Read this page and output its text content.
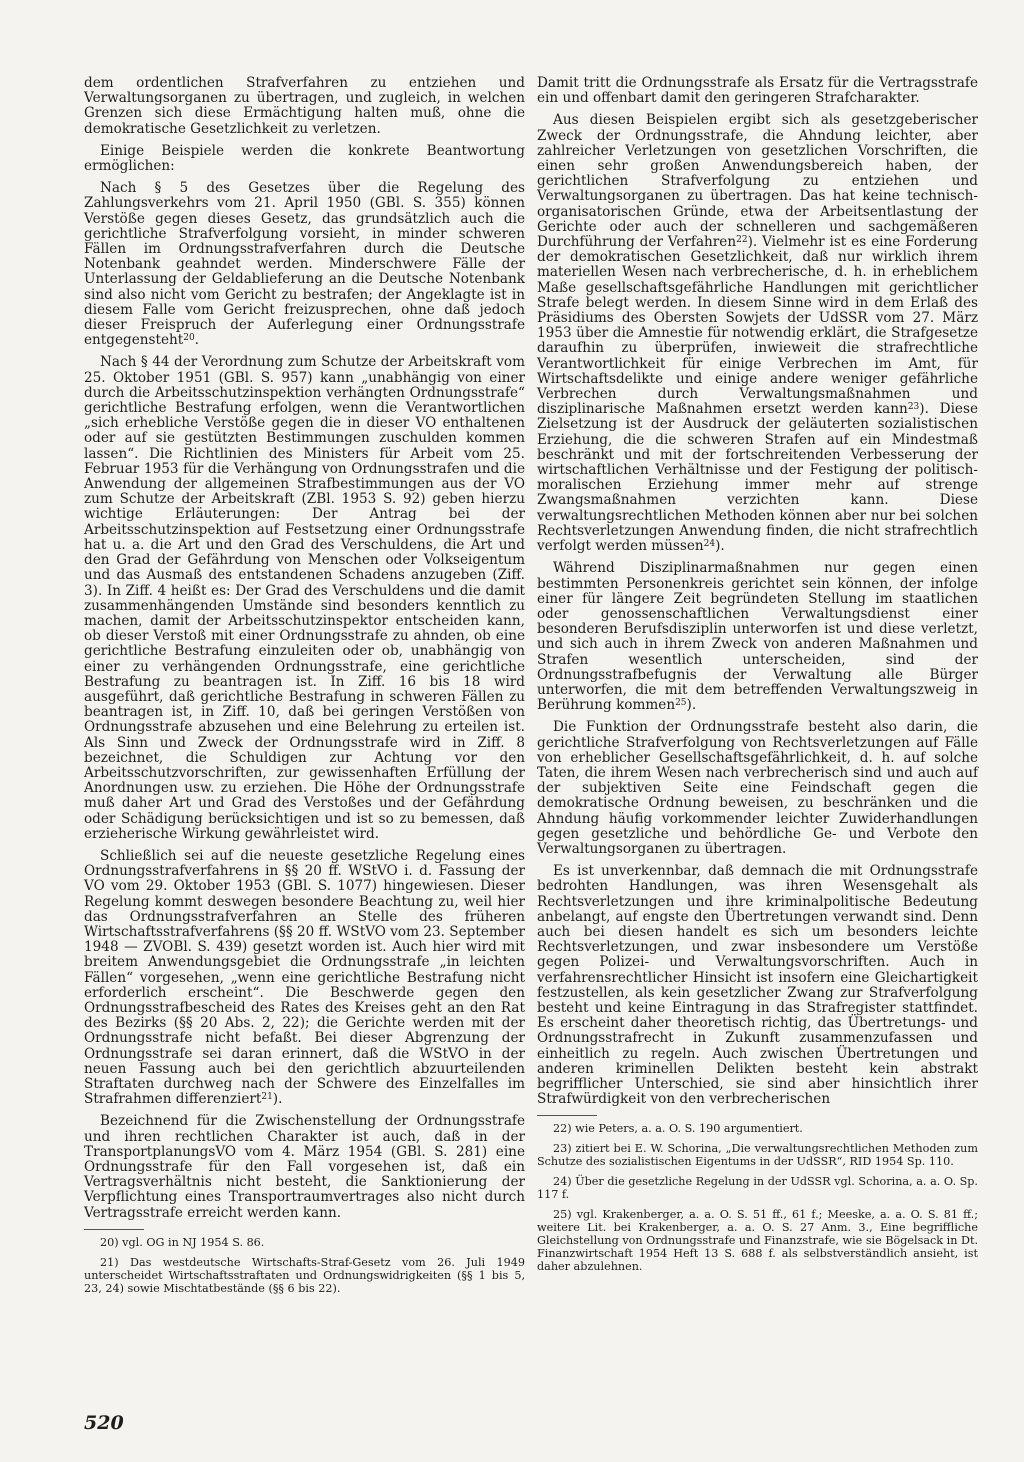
dem ordentlichen Strafverfahren zu entziehen und Verwaltungsorganen zu übertragen, und zugleich, in welchen Grenzen sich diese Ermächtigung halten muß, ohne die demokratische Gesetzlichkeit zu verletzen.

Einige Beispiele werden die konkrete Beantwortung ermöglichen:

Nach § 5 des Gesetzes über die Regelung des Zahlungsverkehrs vom 21. April 1950 (GBl. S. 355) können Verstöße gegen dieses Gesetz, das grundsätzlich auch die gerichtliche Strafverfolgung vorsieht, in minder schweren Fällen im Ordnungsstrafverfahren durch die Deutsche Notenbank geahndet werden. Minderschwere Fälle der Unterlassung der Geldablieferung an die Deutsche Notenbank sind also nicht vom Gericht zu bestrafen; der Angeklagte ist in diesem Falle vom Gericht freizusprechen, ohne daß jedoch dieser Freispruch der Auferlegung einer Ordnungsstrafe entgegensteht$^{20}$.

Nach § 44 der Verordnung zum Schutze der Arbeitskraft vom 25. Oktober 1951 (GBl. S. 957) kann „unabhängig von einer durch die Arbeitsschutzinspektion verhängten Ordnungsstrafe“ gerichtliche Bestrafung erfolgen, wenn die Verantwortlichen „sich erhebliche Verstöße gegen die in dieser VO enthaltenen oder auf sie gestützten Bestimmungen zuschulden kommen lassen“. Die Richtlinien des Ministers für Arbeit vom 25. Februar 1953 für die Verhängung von Ordnungsstrafen und die Anwendung der allgemeinen Strafbestimmungen aus der VO zum Schutze der Arbeitskraft (ZBl. 1953 S. 92) geben hierzu wichtige Erläuterungen: Der Antrag bei der Arbeitsschutzinspektion auf Festsetzung einer Ordnungsstrafe hat u. a. die Art und den Grad des Verschuldens, die Art und den Grad der Gefährdung von Menschen oder Volkseigentum und das Ausmaß des entstandenen Schadens anzugeben (Ziff. 3). In Ziff. 4 heißt es: Der Grad des Verschuldens und die damit zusammenhängenden Umstände sind besonders kenntlich zu machen, damit der Arbeitsschutzinspektor entscheiden kann, ob dieser Verstoß mit einer Ordnungsstrafe zu ahnden, ob eine gerichtliche Bestrafung einzuleiten oder ob, unabhängig von einer zu verhängenden Ordnungsstrafe, eine gerichtliche Bestrafung zu beantragen ist. In Ziff. 16 bis 18 wird ausgeführt, daß gerichtliche Bestrafung in schweren Fällen zu beantragen ist, in Ziff. 10, daß bei geringen Verstößen von Ordnungsstrafe abzusehen und eine Belehrung zu erteilen ist. Als Sinn und Zweck der Ordnungsstrafe wird in Ziff. 8 bezeichnet, die Schuldigen zur Achtung vor den Arbeitsschutzvorschriften, zur gewissenhaften Erfüllung der Anordnungen usw. zu erziehen. Die Höhe der Ordnungsstrafe muß daher Art und Grad des Verstoßes und der Gefährdung oder Schädigung berücksichtigen und ist so zu bemessen, daß erzieherische Wirkung gewährleistet wird.

Schließlich sei auf die neueste gesetzliche Regelung eines Ordnungsstrafverfahrens in §§ 20 ff. WStVO i. d. Fassung der VO vom 29. Oktober 1953 (GBl. S. 1077) hingewiesen. Dieser Regelung kommt deswegen besondere Beachtung zu, weil hier das Ordnungsstrafverfahren an Stelle des früheren Wirtschaftsstrafverfahrens (§§ 20 ff. WStVO vom 23. September 1948 — ZVOBl. S. 439) gesetzt worden ist. Auch hier wird mit breitem Anwendungsgebiet die Ordnungsstrafe „in leichten Fällen“ vorgesehen, „wenn eine gerichtliche Bestrafung nicht erforderlich erscheint“. Die Beschwerde gegen den Ordnungsstrafbescheid des Rates des Kreises geht an den Rat des Bezirks (§§ 20 Abs. 2, 22); die Gerichte werden mit der Ordnungsstrafe nicht befaßt. Bei dieser Abgrenzung der Ordnungsstrafe sei daran erinnert, daß die WStVO in der neuen Fassung auch bei den gerichtlich abzuurteilenden Straftaten durchweg nach der Schwere des Einzelfalles im Strafrahmen differenziert$^{21}$).

Bezeichnend für die Zwischenstellung der Ordnungsstrafe und ihren rechtlichen Charakter ist auch, daß in der TransportplanungsVO vom 4. März 1954 (GBl. S. 281) eine Ordnungsstrafe für den Fall vorgesehen ist, daß ein Vertragsverhältnis nicht besteht, die Sanktionierung der Verpflichtung eines Transportraumvertrages also nicht durch Vertragsstrafe erreicht werden kann.

20) vgl. OG in NJ 1954 S. 86.

21) Das westdeutsche Wirtschafts-Straf-Gesetz vom 26. Juli 1949 unterscheidet Wirtschaftsstraftaten und Ordnungswidrigkeiten (§§ 1 bis 5, 23, 24) sowie Mischtatbestände (§§ 6 bis 22).

Damit tritt die Ordnungsstrafe als Ersatz für die Vertragsstrafe ein und offenbart damit den geringeren Strafcharakter.

Aus diesen Beispielen ergibt sich als gesetzgeberischer Zweck der Ordnungsstrafe, die Ahndung leichter, aber zahlreicher Verletzungen von gesetzlichen Vorschriften, die einen sehr großen Anwendungsbereich haben, der gerichtlichen Strafverfolgung zu entziehen und Verwaltungsorganen zu übertragen. Das hat keine technisch-organisatorischen Gründe, etwa der Arbeitsentlastung der Gerichte oder auch der schnelleren und sachgemäßeren Durchführung der Verfahren$^{22}$). Vielmehr ist es eine Forderung der demokratischen Gesetzlichkeit, daß nur wirklich ihrem materiellen Wesen nach verbrecherische, d. h. in erheblichem Maße gesellschaftsgefährliche Handlungen mit gerichtlicher Strafe belegt werden. In diesem Sinne wird in dem Erlaß des Präsidiums des Obersten Sowjets der UdSSR vom 27. März 1953 über die Amnestie für notwendig erklärt, die Strafgesetze daraufhin zu überprüfen, inwieweit die strafrechtliche Verantwortlichkeit für einige Verbrechen im Amt, für Wirtschaftsdelikte und einige andere weniger gefährliche Verbrechen durch Verwaltungsmaßnahmen und disziplinarische Maßnahmen ersetzt werden kann$^{23}$). Diese Zielsetzung ist der Ausdruck der geläuterten sozialistischen Erziehung, die die schweren Strafen auf ein Mindestmaß beschränkt und mit der fortschreitenden Verbesserung der wirtschaftlichen Verhältnisse und der Festigung der politisch-moralischen Erziehung immer mehr auf strenge Zwangsmaßnahmen verzichten kann. Diese verwaltungsrechtlichen Methoden können aber nur bei solchen Rechtsverletzungen Anwendung finden, die nicht strafrechtlich verfolgt werden müssen$^{24}$).

Während Disziplinarmaßnahmen nur gegen einen bestimmten Personenkreis gerichtet sein können, der infolge einer für längere Zeit begründeten Stellung im staatlichen oder genossenschaftlichen Verwaltungsdienst einer besonderen Berufsdisziplin unterworfen ist und diese verletzt, und sich auch in ihrem Zweck von anderen Maßnahmen und Strafen wesentlich unterscheiden, sind der Ordnungsstrafbefugnis der Verwaltung alle Bürger unterworfen, die mit dem betreffenden Verwaltungszweig in Berührung kommen$^{25}$).

Die Funktion der Ordnungsstrafe besteht also darin, die gerichtliche Strafverfolgung von Rechtsverletzungen auf Fälle von erheblicher Gesellschaftsgefährlichkeit, d. h. auf solche Taten, die ihrem Wesen nach verbrecherisch sind und auch auf der subjektiven Seite eine Feindschaft gegen die demokratische Ordnung beweisen, zu beschränken und die Ahndung häufig vorkommender leichter Zuwiderhandlungen gegen gesetzliche und behördliche Ge- und Verbote den Verwaltungsorganen zu übertragen.

Es ist unverkennbar, daß demnach die mit Ordnungsstrafe bedrohten Handlungen, was ihren Wesensgehalt als Rechtsverletzungen und ihre kriminalpolitische Bedeutung anbelangt, auf engste den Übertretungen verwandt sind. Denn auch bei diesen handelt es sich um besonders leichte Rechtsverletzungen, und zwar insbesondere um Verstöße gegen Polizei- und Verwaltungsvorschriften. Auch in verfahrensrechtlicher Hinsicht ist insofern eine Gleichartigkeit festzustellen, als kein gesetzlicher Zwang zur Strafverfolgung besteht und keine Eintragung in das Strafregister stattfindet. Es erscheint daher theoretisch richtig, das Übertretungs- und Ordnungsstrafrecht in Zukunft zusammenzufassen und einheitlich zu regeln. Auch zwischen Übertretungen und anderen kriminellen Delikten besteht kein abstrakt begrifflicher Unterschied, sie sind aber hinsichtlich ihrer Strafwürdigkeit von den verbrecherischen

22) wie Peters, a. a. O. S. 190 argumentiert.

23) zitiert bei E. W. Schorina, „Die verwaltungsrechtlichen Methoden zum Schutze des sozialistischen Eigentums in der UdSSR“, RID 1954 Sp. 110.

24) Über die gesetzliche Regelung in der UdSSR vgl. Schorina, a. a. O. Sp. 117 f.

25) vgl. Krakenberger, a. a. O. S. 51 ff., 61 f.; Meeske, a. a. O. S. 81 ff.; weitere Lit. bei Krakenberger, a. a. O. S. 27 Anm. 3., Eine begriffliche Gleichstellung von Ordnungsstrafe und Finanzstrafe, wie sie Bögelsack in Dt. Finanzwirtschaft 1954 Heft 13 S. 688 f. als selbstverständlich ansieht, ist daher abzulehnen.

520
